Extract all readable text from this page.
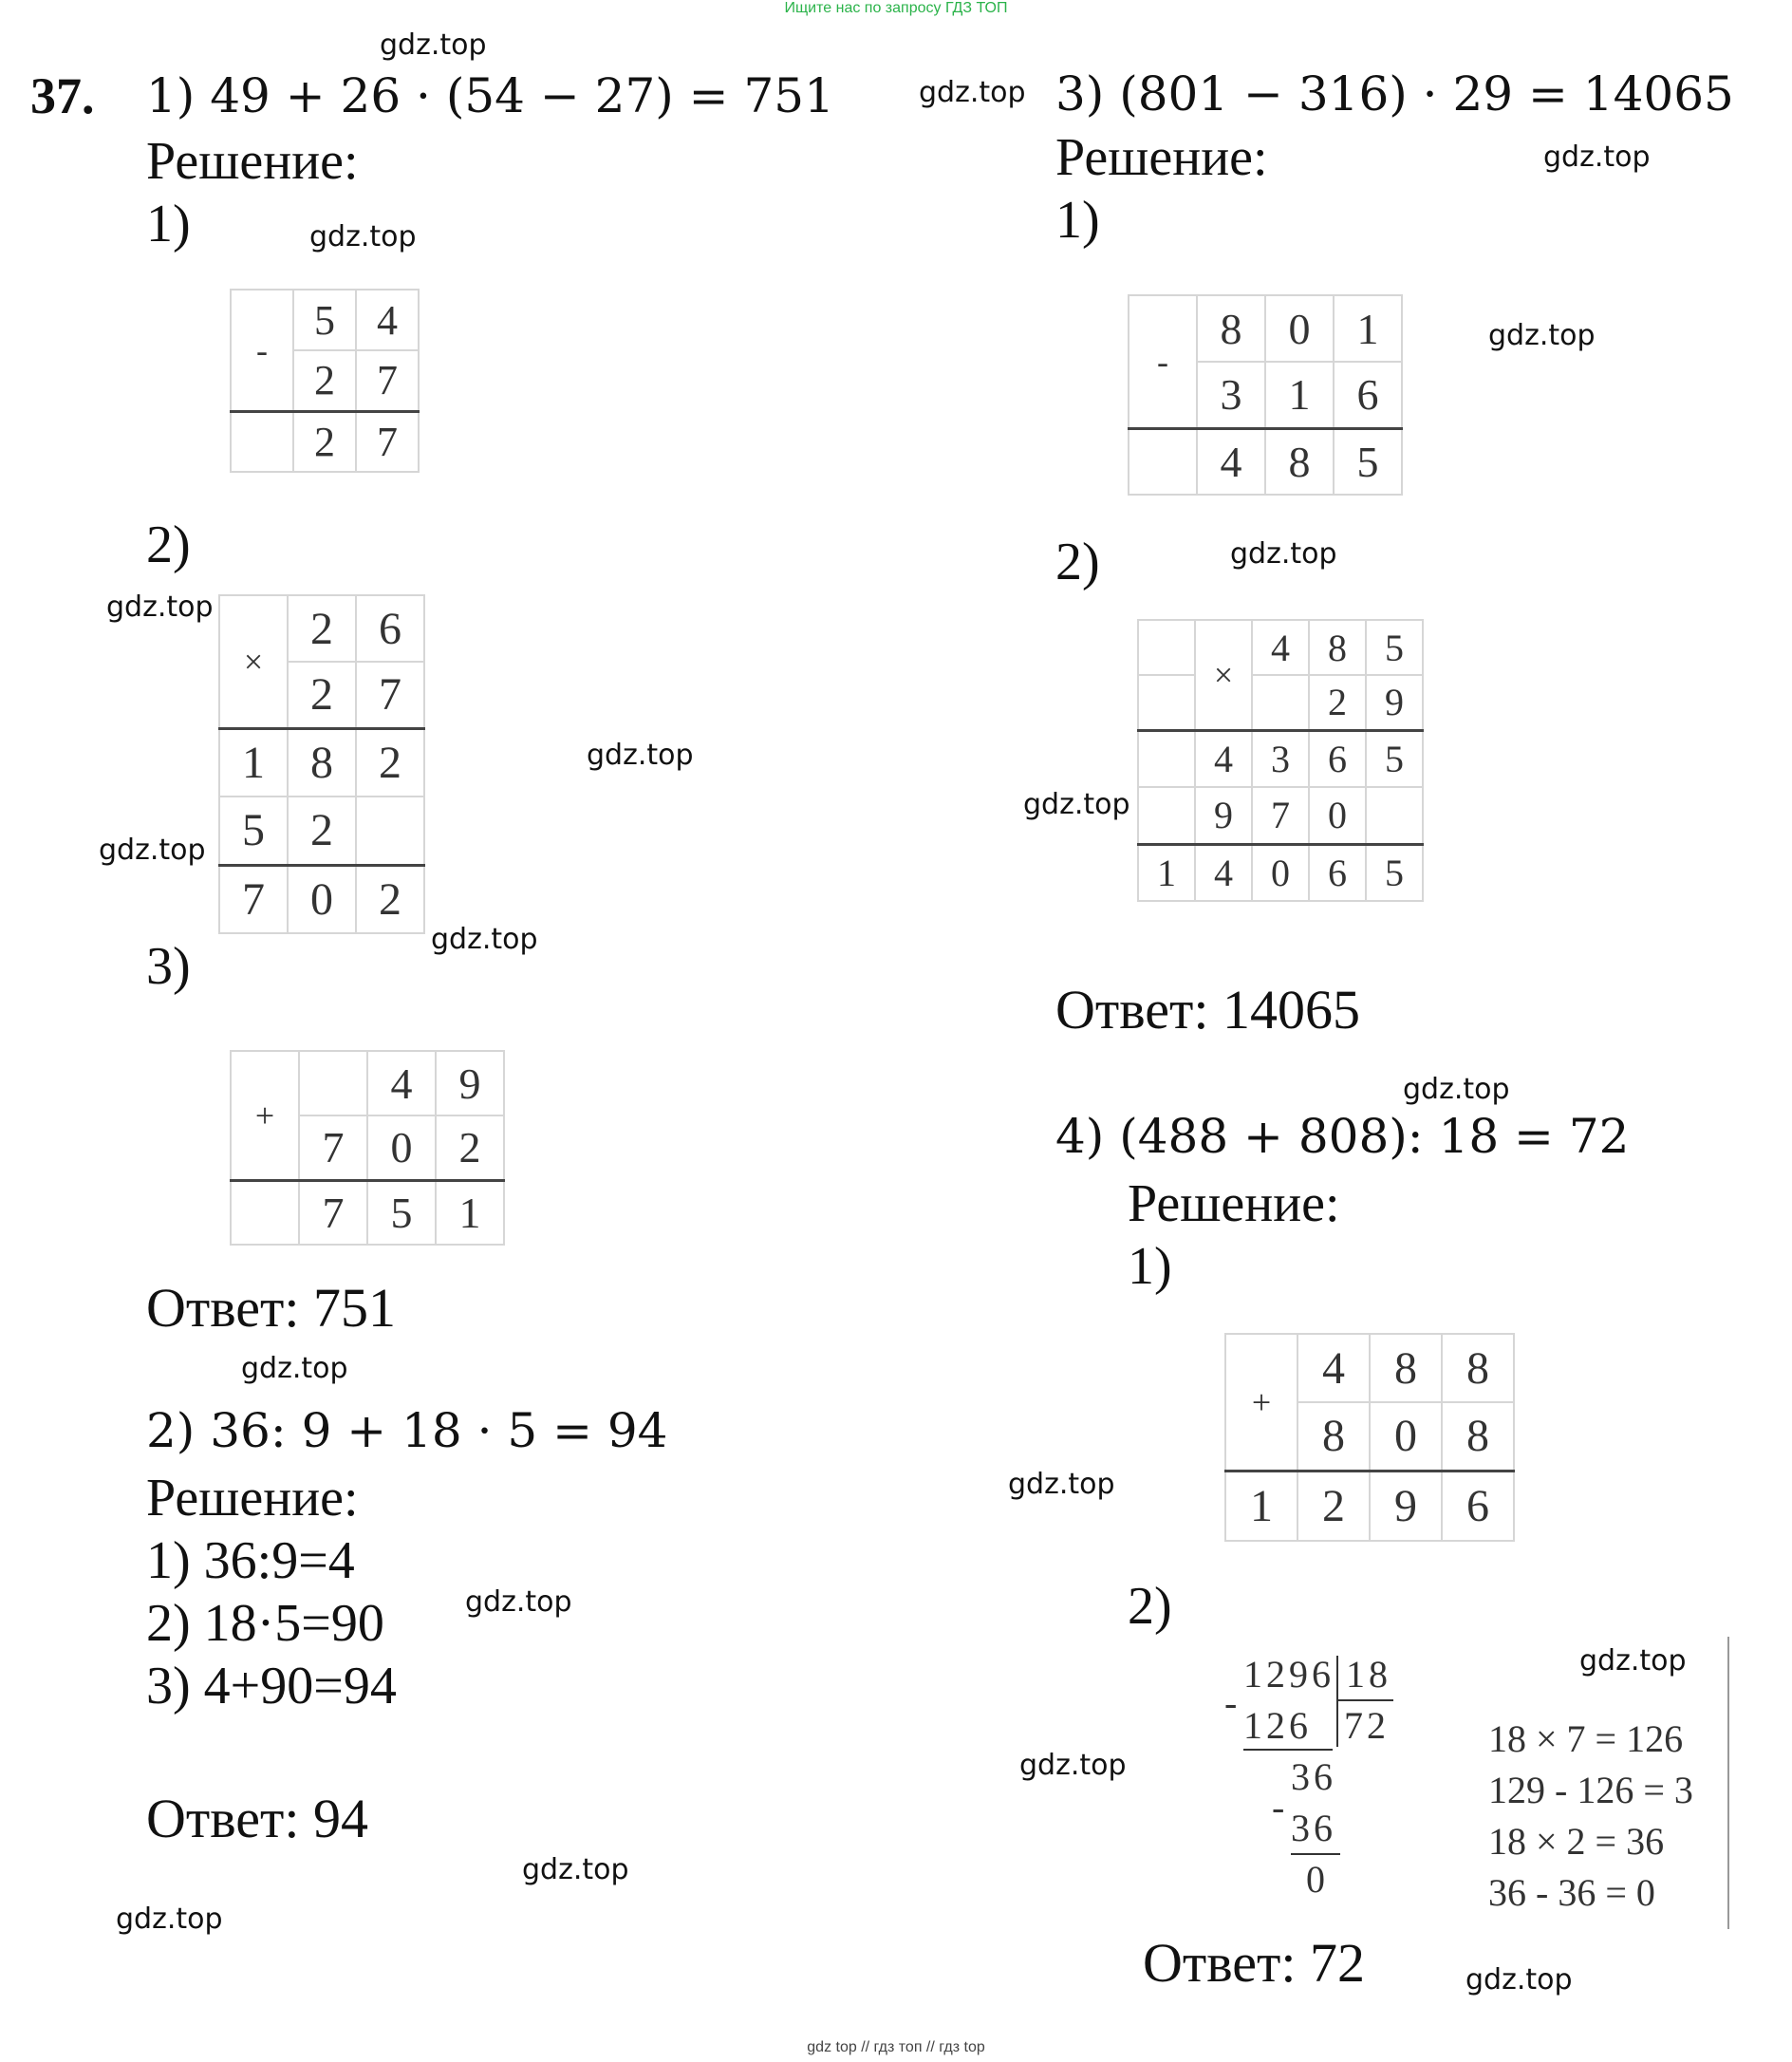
Ищите нас по запросу ГДЗ ТОП
gdz top // гдз топ // гдз top
gdz.top
gdz.top
gdz.top
gdz.top
gdz.top
gdz.top
gdz.top
gdz.top
gdz.top
gdz.top
gdz.top
gdz.top
gdz.top
gdz.top
gdz.top
gdz.top
gdz.top
gdz.top
gdz.top
gdz.top
37. 1) 49 + 26 · (54 − 27) = 751
Решение:
1)
-	5	4
	2	7
	2	7
2)
×	2	6
	2	7
1	8	2
5	2	
7	0	2
3)
+		4	9
	7	0	2
	7	5	1
Ответ: 751
2) 36: 9 + 18 · 5 = 94
Решение:
1) 36:9=4
2) 18·5=90
3) 4+90=94
Ответ: 94
3) (801 − 316) · 29 = 14065
Решение:
1)
-	8	0	1
	3	1	6
	4	8	5
2)
	×	4	8	5
			2	9
	4	3	6	5
	9	7	0	
1	4	0	6	5
Ответ: 14065
4) (488 + 808): 18 = 72
Решение:
1)
+	4	8	8
	8	0	8
1	2	9	6
2)
1296 18
-
126 72
36
- 36
0
18 × 7 = 126
129 - 126 = 3
18 × 2 = 36
36 - 36 = 0
Ответ: 72
